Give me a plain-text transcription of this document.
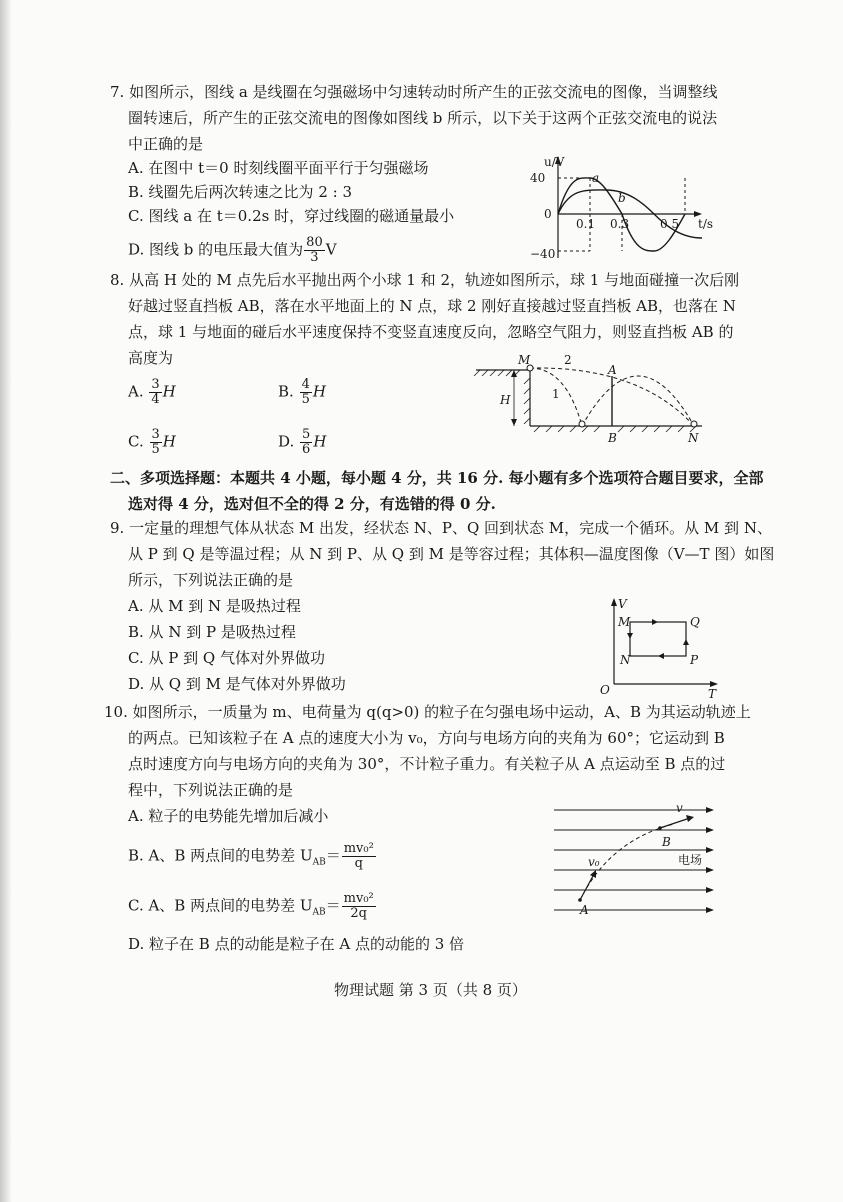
7. 如图所示，图线 a 是线圈在匀强磁场中匀速转动时所产生的正弦交流电的图像，当调整线
圈转速后，所产生的正弦交流电的图像如图线 b 所示，以下关于这两个正弦交流电的说法
中正确的是
A. 在图中 t＝0 时刻线圈平面平行于匀强磁场
B. 线圈先后两次转速之比为 2 : 3
C. 图线 a 在 t＝0.2s 时，穿过线圈的磁通量最小
D. 图线 b 的电压最大值为 $\frac{80}{3}$ V
u/V
t/s
40
0
−40
0.1 0.3	0.5
a
b
8. 从高 H 处的 M 点先后水平抛出两个小球 1 和 2，轨迹如图所示，球 1 与地面碰撞一次后刚
好越过竖直挡板 AB，落在水平地面上的 N 点，球 2 刚好直接越过竖直挡板 AB，也落在 N
点，球 1 与地面的碰后水平速度保持不变竖直速度反向，忽略空气阻力，则竖直挡板 AB 的
高度为
A. $\frac{3}{4}$ H	B. $\frac{4}{5}$ H
C. $\frac{3}{5}$ H	D. $\frac{5}{6}$ H
H
M	2
1
A
B	N
二、多项选择题：本题共 4 小题，每小题 4 分，共 16 分. 每小题有多个选项符合题目要求，全部
选对得 4 分，选对但不全的得 2 分，有选错的得 0 分.
9. 一定量的理想气体从状态 M 出发，经状态 N、P、Q 回到状态 M，完成一个循环。从 M 到 N、
从 P 到 Q 是等温过程；从 N 到 P、从 Q 到 M 是等容过程；其体积—温度图像（V—T 图）如图
所示，下列说法正确的是
A. 从 M 到 N 是吸热过程
B. 从 N 到 P 是吸热过程
C. 从 P 到 Q 气体对外界做功
D. 从 Q 到 M 是气体对外界做功
V
T
O
M	Q
N	P
10. 如图所示，一质量为 m、电荷量为 q(q>0) 的粒子在匀强电场中运动，A、B 为其运动轨迹上
的两点。已知该粒子在 A 点的速度大小为 v₀，方向与电场方向的夹角为 60°；它运动到 B
点时速度方向与电场方向的夹角为 30°，不计粒子重力。有关粒子从 A 点运动至 B 点的过
程中，下列说法正确的是
A. 粒子的电势能先增加后减小
B. A、B 两点间的电势差 $U_{AB}= \frac{\text{mv₀²}}{q}$
C. A、B 两点间的电势差 $U_{AB}= \frac{\text{mv₀²}}{2q}$
D. 粒子在 B 点的动能是粒子在 A 点的动能的 3 倍
A
B
v₀
v
电场
物理试题 第 3 页（共 8 页）
